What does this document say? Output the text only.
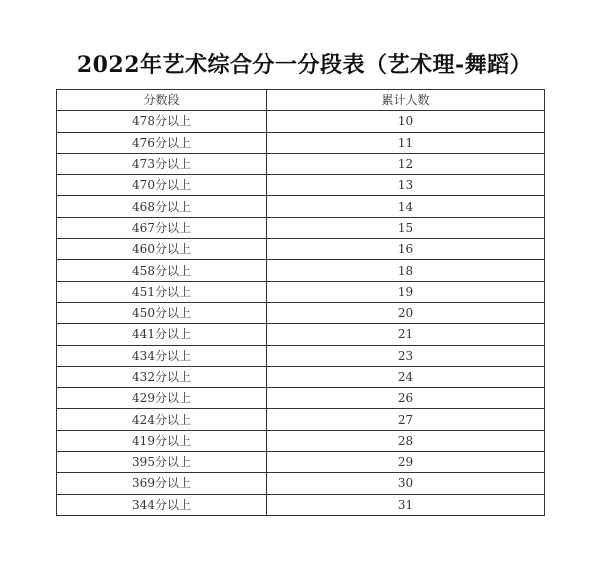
2022年艺术综合分一分段表（艺术理-舞蹈）
分数段	累计人数
478分以上	10
476分以上	11
473分以上	12
470分以上	13
468分以上	14
467分以上	15
460分以上	16
458分以上	18
451分以上	19
450分以上	20
441分以上	21
434分以上	23
432分以上	24
429分以上	26
424分以上	27
419分以上	28
395分以上	29
369分以上	30
344分以上	31
